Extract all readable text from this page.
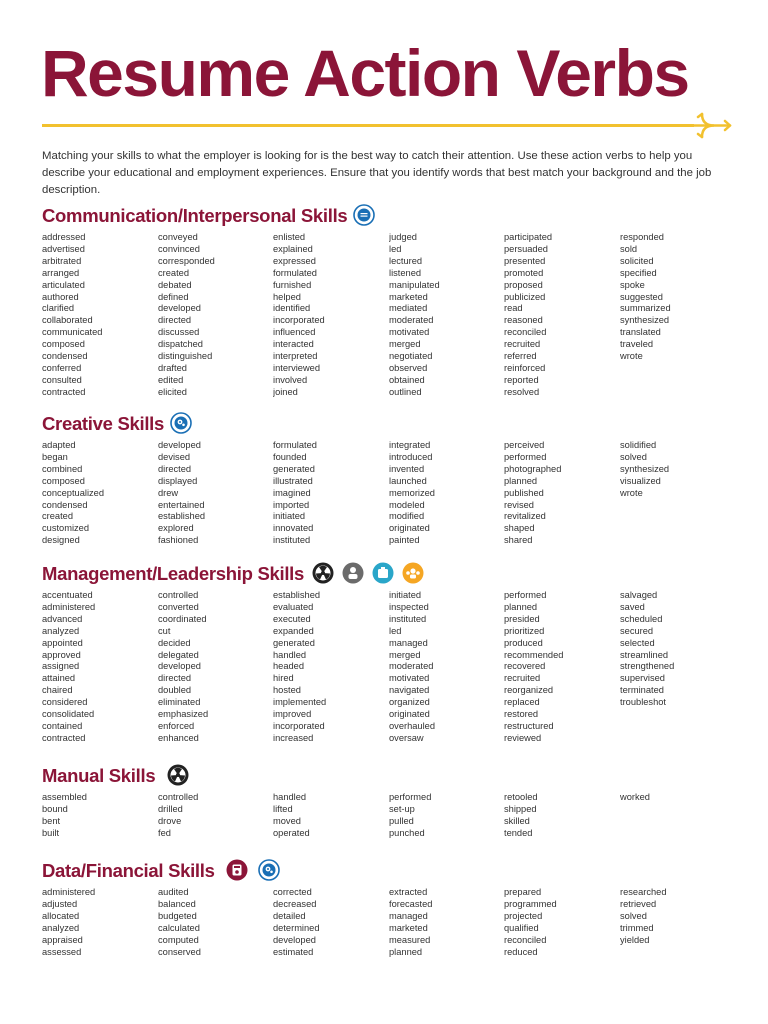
Resume Action Verbs

Matching your skills to what the employer is looking for is the best way to catch their attention. Use these action verbs to help you describe your educational and employment experiences. Ensure that you identify words that best match your background and the job description.

Communication/Interpersonal Skills
addressed
advertised
arbitrated
arranged
articulated
authored
clarified
collaborated
communicated
composed
condensed
conferred
consulted
contracted
conveyed
convinced
corresponded
created
debated
defined
developed
directed
discussed
dispatched
distinguished
drafted
edited
elicited
enlisted
explained
expressed
formulated
furnished
helped
identified
incorporated
influenced
interacted
interpreted
interviewed
involved
joined
judged
led
lectured
listened
manipulated
marketed
mediated
moderated
motivated
merged
negotiated
observed
obtained
outlined
participated
persuaded
presented
promoted
proposed
publicized
read
reasoned
reconciled
recruited
referred
reinforced
reported
resolved
responded
sold
solicited
specified
spoke
suggested
summarized
synthesized
translated
traveled
wrote
Creative Skills
adapted
began
combined
composed
conceptualized
condensed
created
customized
designed
developed
devised
directed
displayed
drew
entertained
established
explored
fashioned
formulated
founded
generated
illustrated
imagined
imported
initiated
innovated
instituted
integrated
introduced
invented
launched
memorized
modeled
modified
originated
painted
perceived
performed
photographed
planned
published
revised
revitalized
shaped
shared
solidified
solved
synthesized
visualized
wrote
Management/Leadership Skills
accentuated
administered
advanced
analyzed
appointed
approved
assigned
attained
chaired
considered
consolidated
contained
contracted
controlled
converted
coordinated
cut
decided
delegated
developed
directed
doubled
eliminated
emphasized
enforced
enhanced
established
evaluated
executed
expanded
generated
handled
headed
hired
hosted
implemented
improved
incorporated
increased
initiated
inspected
instituted
led
managed
merged
moderated
motivated
navigated
organized
originated
overhauled
oversaw
performed
planned
presided
prioritized
produced
recommended
recovered
recruited
reorganized
replaced
restored
restructured
reviewed
salvaged
saved
scheduled
secured
selected
streamlined
strengthened
supervised
terminated
troubleshot
Manual Skills
assembled
bound
bent
built
controlled
drilled
drove
fed
handled
lifted
moved
operated
performed
set-up
pulled
punched
retooled
shipped
skilled
tended
worked
Data/Financial Skills
administered
adjusted
allocated
analyzed
appraised
assessed
audited
balanced
budgeted
calculated
computed
conserved
corrected
decreased
detailed
determined
developed
estimated
extracted
forecasted
managed
marketed
measured
planned
prepared
programmed
projected
qualified
reconciled
reduced
researched
retrieved
solved
trimmed
yielded
